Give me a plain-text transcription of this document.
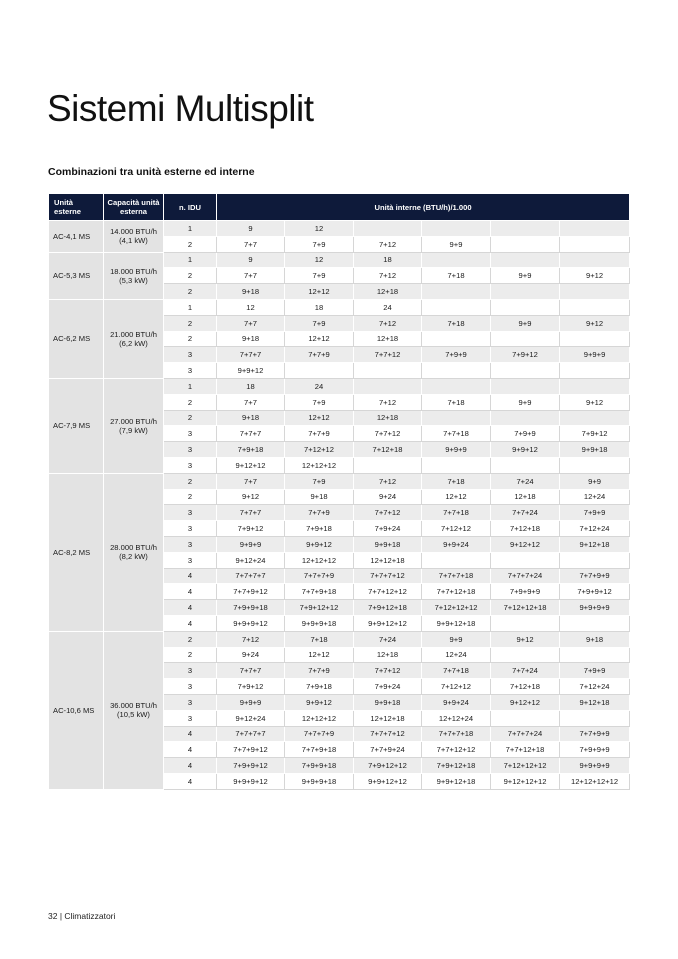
Sistemi Multisplit
Combinazioni tra unità esterne ed interne
Unità esterne	Capacità unità esterna	n. IDU	Unità interne (BTU/h)/1.000					
AC-4,1 MS	14.000 BTU/h (4,1 kW)	1	9	12				
		2	7+7	7+9	7+12	9+9		
AC-5,3 MS	18.000 BTU/h (5,3 kW)	1	9	12	18			
		2	7+7	7+9	7+12	7+18	9+9	9+12
		2	9+18	12+12	12+18			
AC-6,2 MS	21.000 BTU/h (6,2 kW)	1	12	18	24			
		2	7+7	7+9	7+12	7+18	9+9	9+12
		2	9+18	12+12	12+18			
		3	7+7+7	7+7+9	7+7+12	7+9+9	7+9+12	9+9+9
		3	9+9+12					
AC-7,9 MS	27.000 BTU/h (7,9 kW)	1	18	24				
		2	7+7	7+9	7+12	7+18	9+9	9+12
		2	9+18	12+12	12+18			
		3	7+7+7	7+7+9	7+7+12	7+7+18	7+9+9	7+9+12
		3	7+9+18	7+12+12	7+12+18	9+9+9	9+9+12	9+9+18
		3	9+12+12	12+12+12				
AC-8,2 MS	28.000 BTU/h (8,2 kW)	2	7+7	7+9	7+12	7+18	7+24	9+9
		2	9+12	9+18	9+24	12+12	12+18	12+24
		3	7+7+7	7+7+9	7+7+12	7+7+18	7+7+24	7+9+9
		3	7+9+12	7+9+18	7+9+24	7+12+12	7+12+18	7+12+24
		3	9+9+9	9+9+12	9+9+18	9+9+24	9+12+12	9+12+18
		3	9+12+24	12+12+12	12+12+18			
		4	7+7+7+7	7+7+7+9	7+7+7+12	7+7+7+18	7+7+7+24	7+7+9+9
		4	7+7+9+12	7+7+9+18	7+7+12+12	7+7+12+18	7+9+9+9	7+9+9+12
		4	7+9+9+18	7+9+12+12	7+9+12+18	7+12+12+12	7+12+12+18	9+9+9+9
		4	9+9+9+12	9+9+9+18	9+9+12+12	9+9+12+18		
AC-10,6 MS	36.000 BTU/h (10,5 kW)	2	7+12	7+18	7+24	9+9	9+12	9+18
		2	9+24	12+12	12+18	12+24		
		3	7+7+7	7+7+9	7+7+12	7+7+18	7+7+24	7+9+9
		3	7+9+12	7+9+18	7+9+24	7+12+12	7+12+18	7+12+24
		3	9+9+9	9+9+12	9+9+18	9+9+24	9+12+12	9+12+18
		3	9+12+24	12+12+12	12+12+18	12+12+24		
		4	7+7+7+7	7+7+7+9	7+7+7+12	7+7+7+18	7+7+7+24	7+7+9+9
		4	7+7+9+12	7+7+9+18	7+7+9+24	7+7+12+12	7+7+12+18	7+9+9+9
		4	7+9+9+12	7+9+9+18	7+9+12+12	7+9+12+18	7+12+12+12	9+9+9+9
		4	9+9+9+12	9+9+9+18	9+9+12+12	9+9+12+18	9+12+12+12	12+12+12+12
32 | Climatizzatori
